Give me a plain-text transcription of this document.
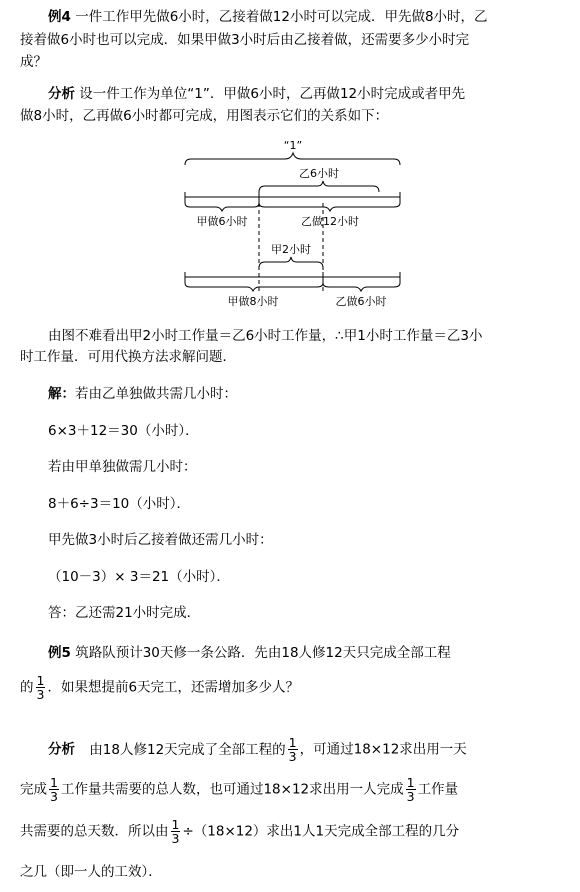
例4 一件工作甲先做6小时，乙接着做12小时可以完成．甲先做8小时，乙
接着做6小时也可以完成．如果甲做3小时后由乙接着做，还需要多少小时完
成？
分析 设一件工作为单位“1”．甲做6小时，乙再做12小时完成或者甲先
做8小时，乙再做6小时都可完成，用图表示它们的关系如下：
“1”
乙6小时
甲做6小时	乙做12小时
甲2小时
甲做8小时	乙做6小时
由图不难看出甲2小时工作量＝乙6小时工作量，∴甲1小时工作量＝乙3小
时工作量．可用代换方法求解问题．
解：若由乙单独做共需几小时：
6×3＋12＝30（小时）．
若由甲单独做需几小时：
8＋6÷3＝10（小时）．
甲先做3小时后乙接着做还需几小时：
（10－3）× 3＝21（小时）．
答：乙还需21小时完成．
例5 筑路队预计30天修一条公路．先由18人修12天只完成全部工程
的 $\frac{1}{3}$ ．如果想提前6天完工，还需增加多少人？
分析 由18人修12天完成了全部工程的 $\frac{1}{3}$ ，可通过18×12求出用一天
完成 $\frac{1}{3}$ 工作量共需要的总人数，也可通过18×12求出用一人完成 $\frac{1}{3}$ 工作量
共需要的总天数．所以由 $\frac{1}{3} \div(18\times 12)$求出1人1天完成全部工程的几分
之几（即一人的工效）．
